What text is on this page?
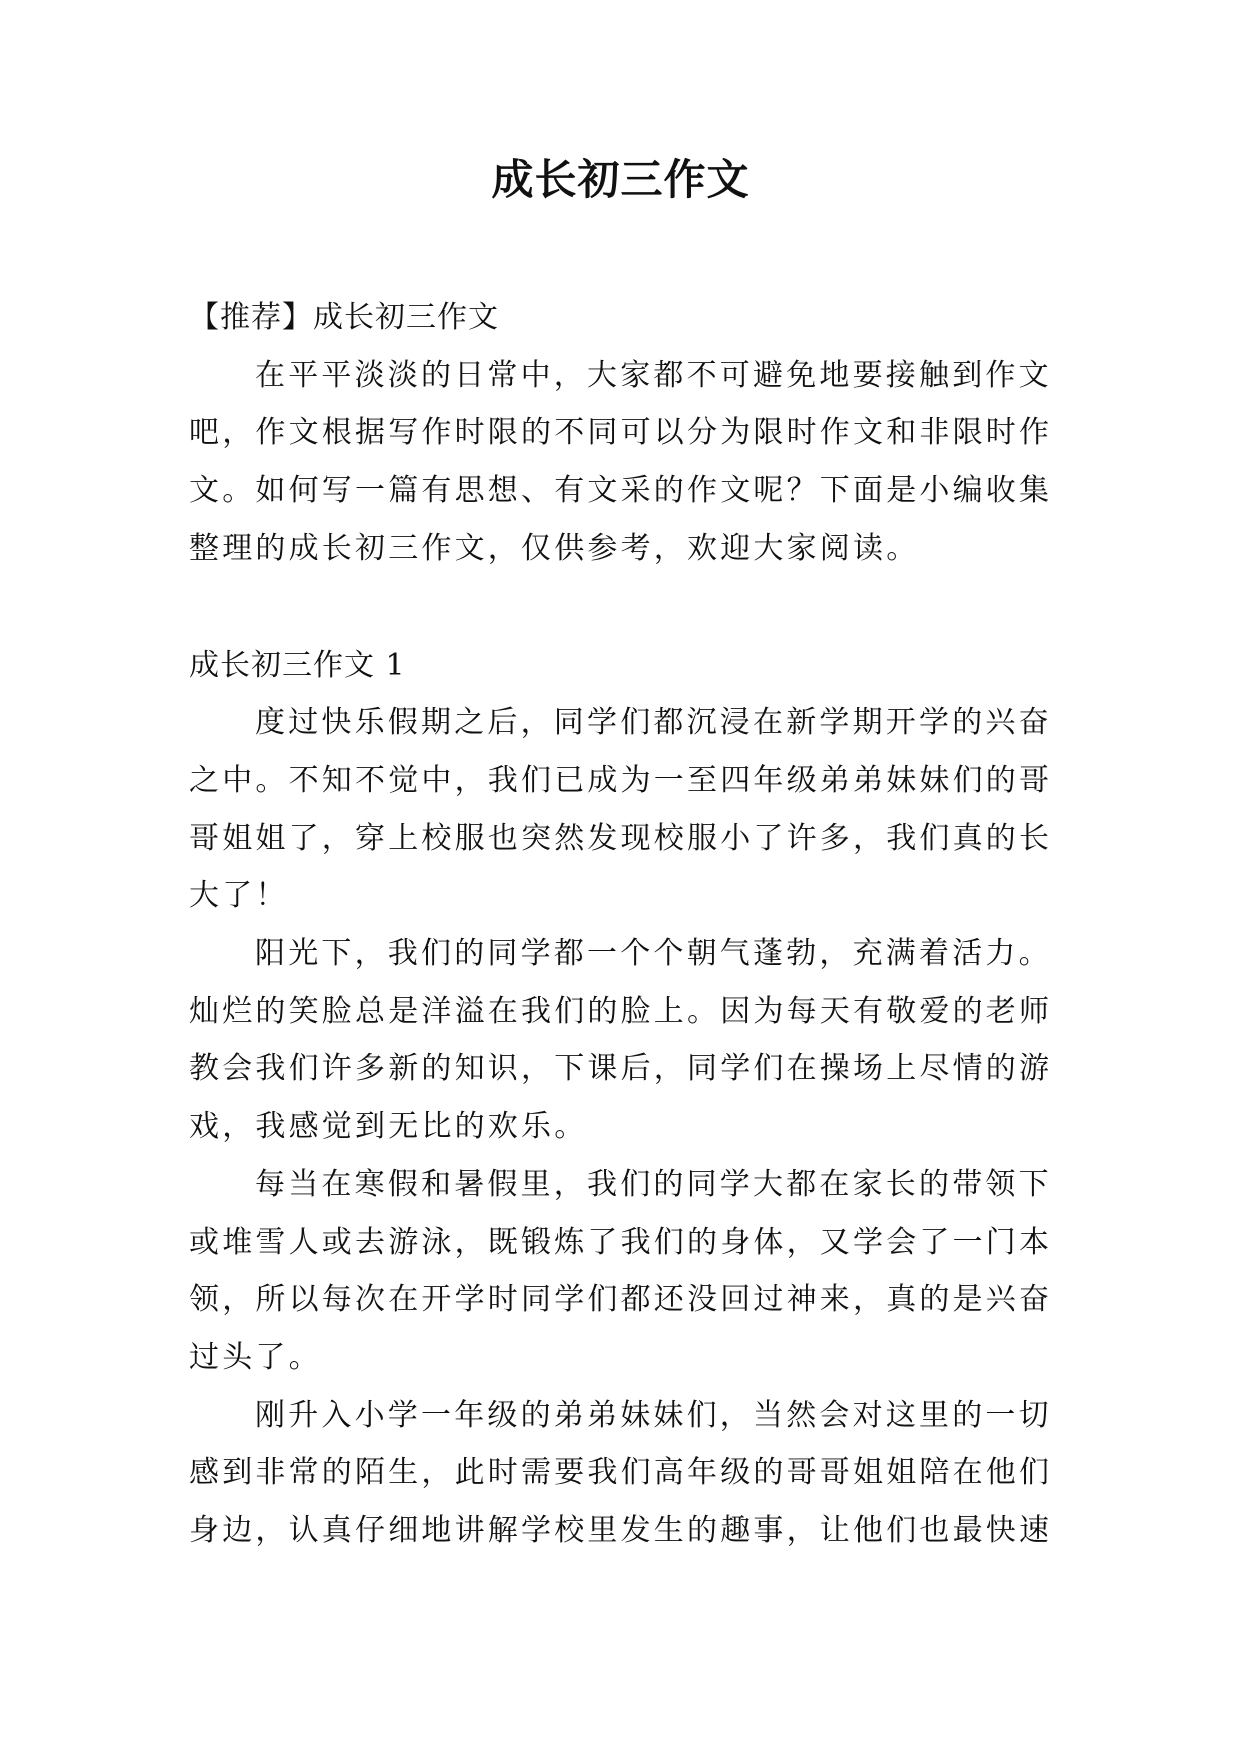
成长初三作文

【推荐】成长初三作文

在平平淡淡的日常中，大家都不可避免地要接触到作文吧，作文根据写作时限的不同可以分为限时作文和非限时作文。如何写一篇有思想、有文采的作文呢？下面是小编收集整理的成长初三作文，仅供参考，欢迎大家阅读。

成长初三作文 1

度过快乐假期之后，同学们都沉浸在新学期开学的兴奋之中。不知不觉中，我们已成为一至四年级弟弟妹妹们的哥哥姐姐了，穿上校服也突然发现校服小了许多，我们真的长大了！

阳光下，我们的同学都一个个朝气蓬勃，充满着活力。灿烂的笑脸总是洋溢在我们的脸上。因为每天有敬爱的老师教会我们许多新的知识，下课后，同学们在操场上尽情的游戏，我感觉到无比的欢乐。

每当在寒假和暑假里，我们的同学大都在家长的带领下或堆雪人或去游泳，既锻炼了我们的身体，又学会了一门本领，所以每次在开学时同学们都还没回过神来，真的是兴奋过头了。

刚升入小学一年级的弟弟妹妹们，当然会对这里的一切感到非常的陌生，此时需要我们高年级的哥哥姐姐陪在他们身边，认真仔细地讲解学校里发生的趣事，让他们也最快速
